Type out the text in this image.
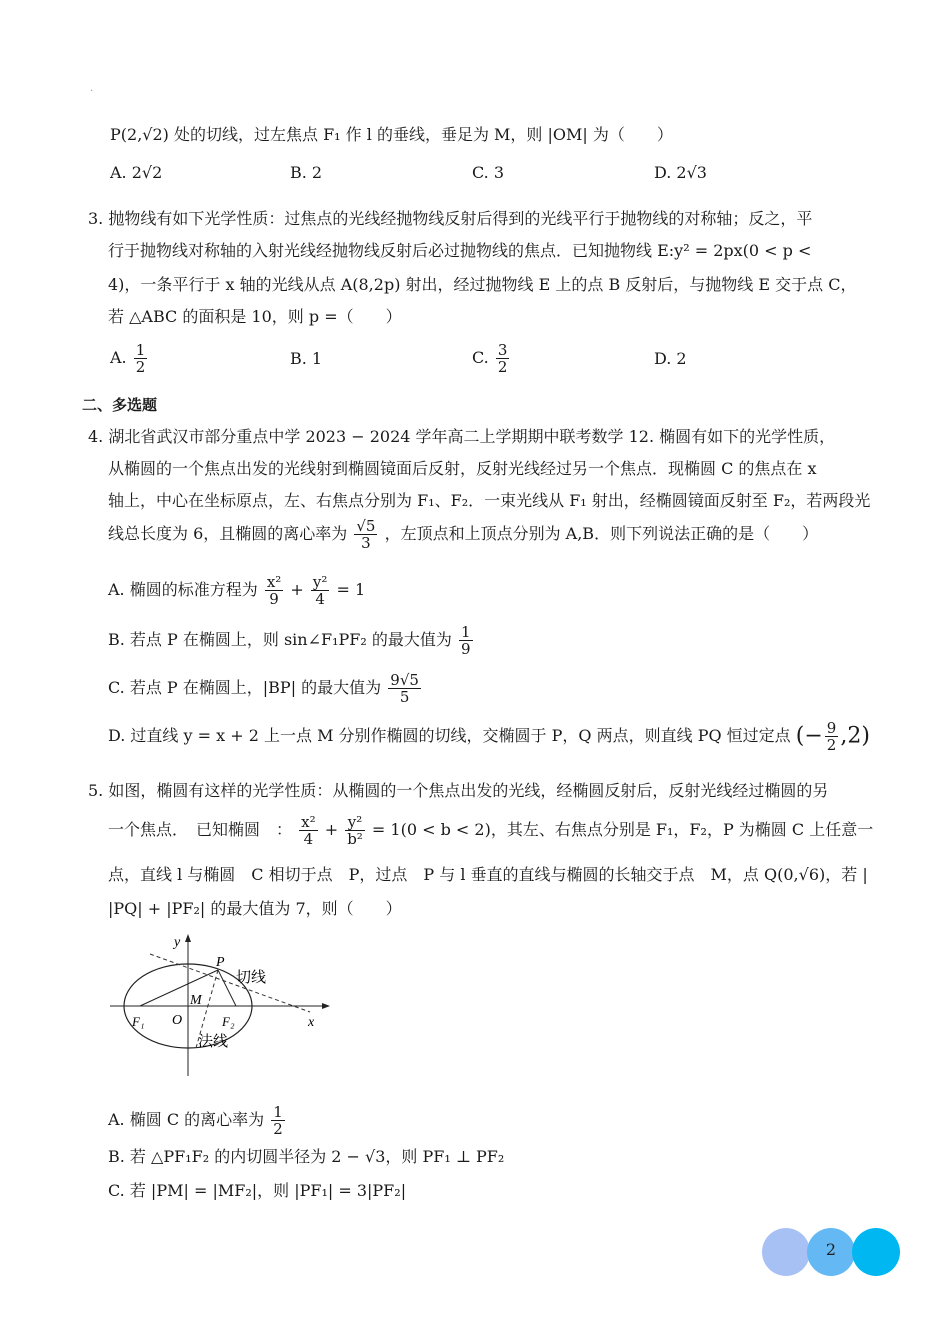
·
P(2,√2) 处的切线，过左焦点 F₁ 作 l 的垂线，垂足为 M，则 |OM| 为（　　）
A. 2√2	B. 2	C. 3	D. 2√3
3. 抛物线有如下光学性质：过焦点的光线经抛物线反射后得到的光线平行于抛物线的对称轴；反之，平
行于抛物线对称轴的入射光线经抛物线反射后必过抛物线的焦点．已知抛物线 E:y² = 2px(0 < p <
4)，一条平行于 x 轴的光线从点 A(8,2p) 射出，经过抛物线 E 上的点 B 反射后，与抛物线 E 交于点 C，
若 △ABC 的面积是 10，则 p =（　　）
A. $\frac{1}{2}$	B. 1	C. $\frac{3}{2}$	D. 2
二、多选题
4. 湖北省武汉市部分重点中学 2023 − 2024 学年高二上学期期中联考数学 12. 椭圆有如下的光学性质，
从椭圆的一个焦点出发的光线射到椭圆镜面后反射，反射光线经过另一个焦点．现椭圆 C 的焦点在 x
轴上，中心在坐标原点，左、右焦点分别为 F₁、F₂．一束光线从 F₁ 射出，经椭圆镜面反射至 F₂，若两段光
线总长度为 6，且椭圆的离心率为 $\frac{√5}{3}$ ，左顶点和上顶点分别为 A,B．则下列说法正确的是（　　）
A. 椭圆的标准方程为 $\frac{\text{x²}}{9} + \frac{\text{y²}}{4} = 1$
B. 若点 P 在椭圆上，则 sin∠F₁PF₂ 的最大值为 $\frac{1}{9}$
C. 若点 P 在椭圆上，|BP| 的最大值为 $\frac{9√5}{5}$
D. 过直线 y = x + 2 上一点 M 分别作椭圆的切线，交椭圆于 P，Q 两点，则直线 PQ 恒过定点 (− $\frac{9}{2} ,2$)
5. 如图，椭圆有这样的光学性质：从椭圆的一个焦点出发的光线，经椭圆反射后，反射光线经过椭圆的另
一个焦点．　已知椭圆　： $\frac{\text{x²}}{4} + \frac{\text{y²}}{\text{b²}} = 1(0 < b < 2)$，其左、右焦点分别是 F₁，F₂，P 为椭圆 C 上任意一
点，直线 l 与椭圆　C 相切于点　P，过点　P 与 l 垂直的直线与椭圆的长轴交于点　M，点 Q(0,√6)，若 |
|PQ| + |PF₂| 的最大值为 7，则（　　）
y
x
P
M
O
F₁	F₂
切线
法线
A. 椭圆 C 的离心率为 $\frac{1}{2}$
B. 若 △PF₁F₂ 的内切圆半径为 2 − √3，则 PF₁ ⊥ PF₂
C. 若 |PM| = |MF₂|，则 |PF₁| = 3|PF₂|
2
